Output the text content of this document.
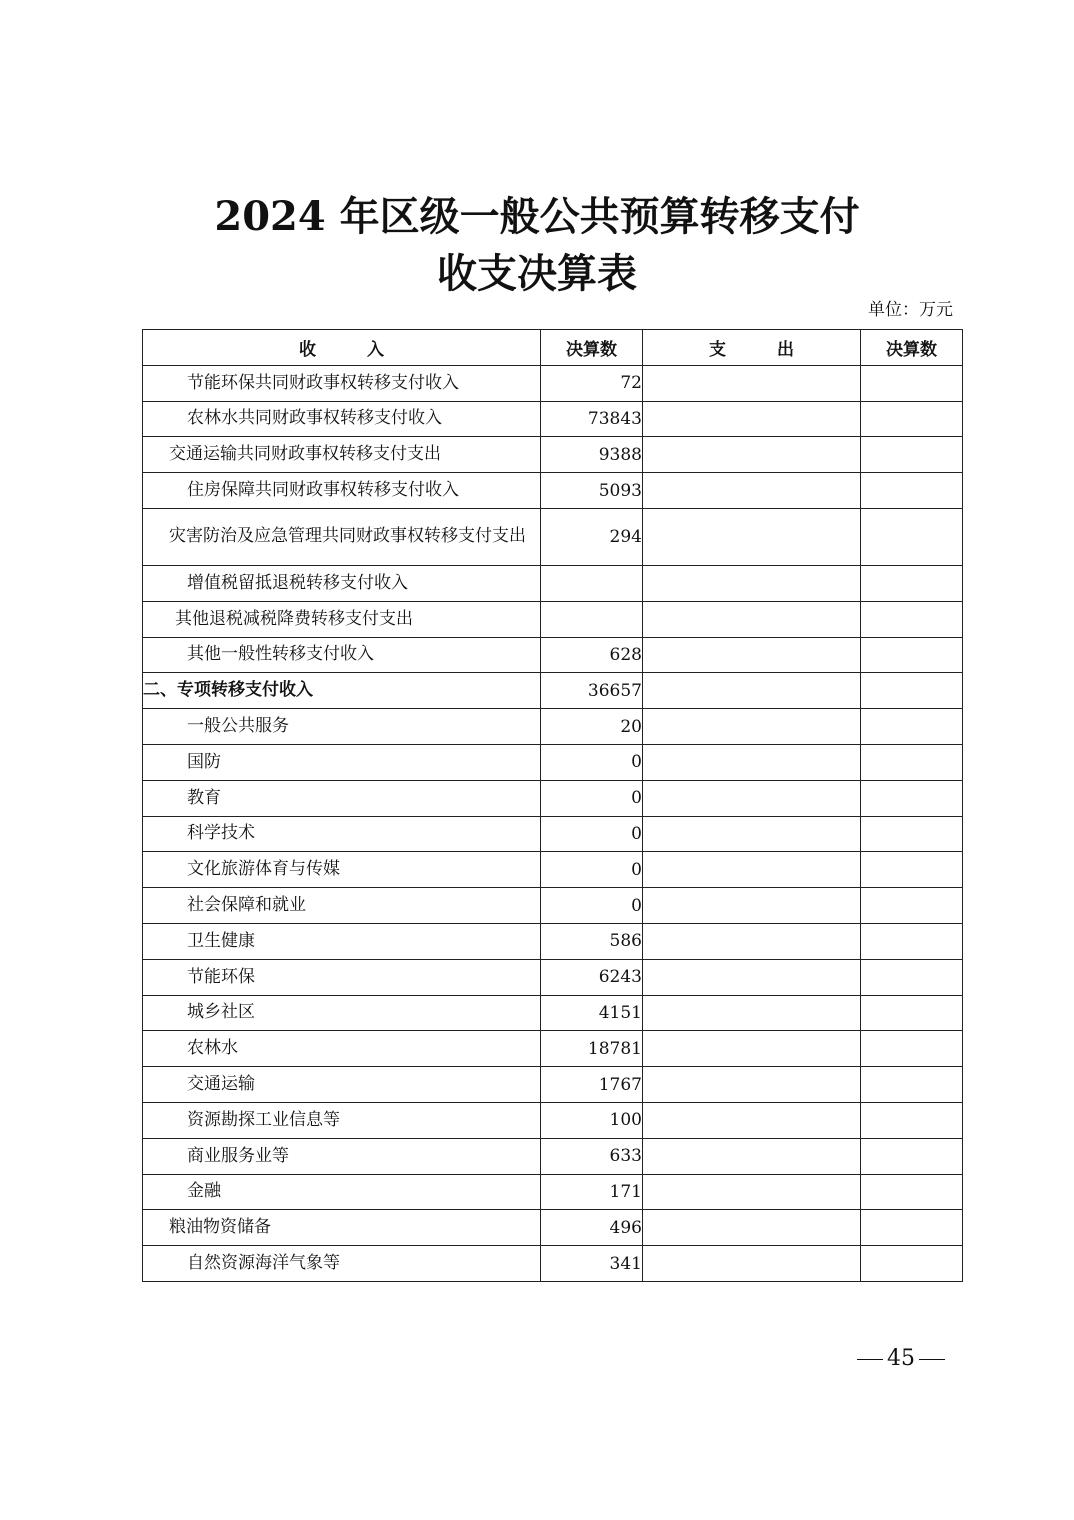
2024 年区级一般公共预算转移支付
收支决算表
单位：万元
收　　　入	决算数	支　　　出	决算数
节能环保共同财政事权转移支付收入	72		
农林水共同财政事权转移支付收入	73843		
交通运输共同财政事权转移支付支出	9388		
住房保障共同财政事权转移支付收入	5093		
灾害防治及应急管理共同财政事权转移支付支出	294		
增值税留抵退税转移支付收入			
其他退税减税降费转移支付支出			
其他一般性转移支付收入	628		
二、专项转移支付收入	36657		
一般公共服务	20		
国防	0		
教育	0		
科学技术	0		
文化旅游体育与传媒	0		
社会保障和就业	0		
卫生健康	586		
节能环保	6243		
城乡社区	4151		
农林水	18781		
交通运输	1767		
资源勘探工业信息等	100		
商业服务业等	633		
金融	171		
粮油物资储备	496		
自然资源海洋气象等	341		
45
